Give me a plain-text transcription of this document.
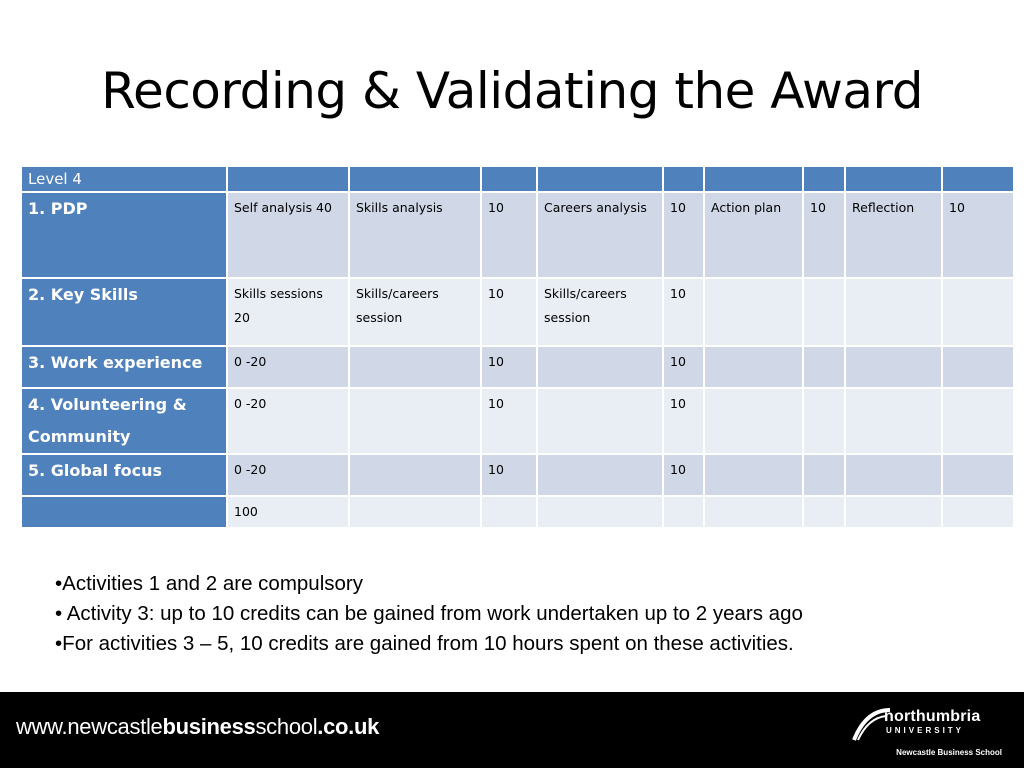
Recording & Validating the Award
Level 4									
1. PDP	Self analysis 40	Skills analysis	10	Careers analysis	10	Action plan	10	Reflection	10
2. Key Skills	Skills sessions 20	Skills/careers session	10	Skills/careers session	10				
3. Work experience	0 -20		10		10				
4. Volunteering & Community	0 -20		10		10				
5. Global focus	0 -20		10		10				
	100								
•Activities 1 and 2 are compulsory
• Activity 3: up to 10 credits can be gained from work undertaken up to 2 years ago
•For activities 3 – 5, 10 credits are gained from 10 hours spent on these activities.
www.newcastlebusinessschool.co.uk	northumbria
UNIVERSITY
Newcastle Business School
